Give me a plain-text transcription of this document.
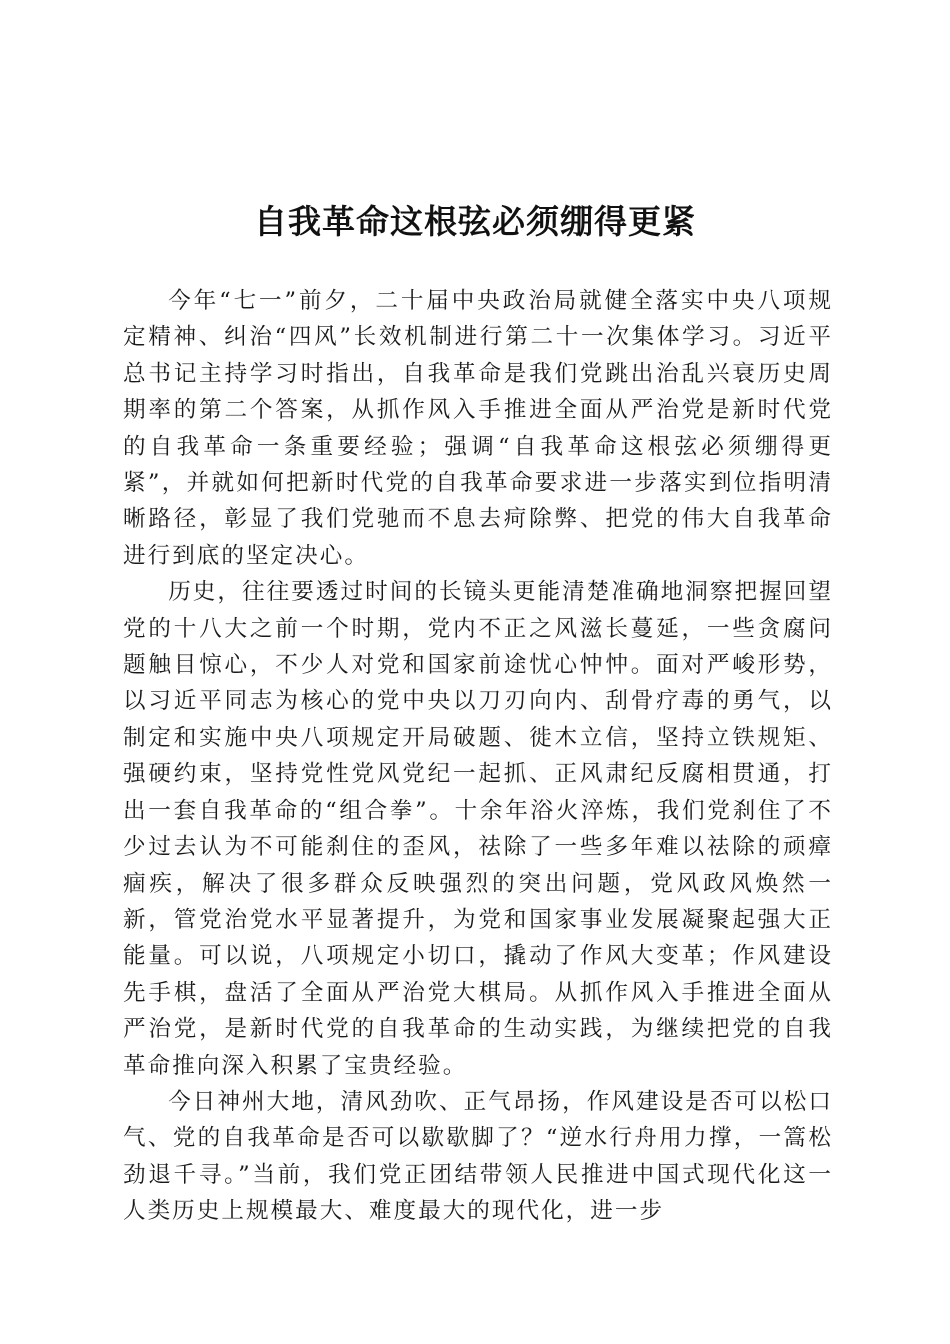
自我革命这根弦必须绷得更紧

今年“七一”前夕，二十届中央政治局就健全落实中央八项规定精神、纠治“四风”长效机制进行第二十一次集体学习。习近平总书记主持学习时指出，自我革命是我们党跳出治乱兴衰历史周期率的第二个答案，从抓作风入手推进全面从严治党是新时代党的自我革命一条重要经验；强调“自我革命这根弦必须绷得更紧”，并就如何把新时代党的自我革命要求进一步落实到位指明清晰路径，彰显了我们党驰而不息去疴除弊、把党的伟大自我革命进行到底的坚定决心。

历史，往往要透过时间的长镜头更能清楚准确地洞察把握回望党的十八大之前一个时期，党内不正之风滋长蔓延，一些贪腐问题触目惊心，不少人对党和国家前途忧心忡忡。面对严峻形势，以习近平同志为核心的党中央以刀刃向内、刮骨疗毒的勇气，以制定和实施中央八项规定开局破题、徙木立信，坚持立铁规矩、强硬约束，坚持党性党风党纪一起抓、正风肃纪反腐相贯通，打出一套自我革命的“组合拳”。十余年浴火淬炼，我们党刹住了不少过去认为不可能刹住的歪风，祛除了一些多年难以祛除的顽瘴痼疾，解决了很多群众反映强烈的突出问题，党风政风焕然一新，管党治党水平显著提升，为党和国家事业发展凝聚起强大正能量。可以说，八项规定小切口，撬动了作风大变革；作风建设先手棋，盘活了全面从严治党大棋局。从抓作风入手推进全面从严治党，是新时代党的自我革命的生动实践，为继续把党的自我革命推向深入积累了宝贵经验。

今日神州大地，清风劲吹、正气昂扬，作风建设是否可以松口气、党的自我革命是否可以歇歇脚了？“逆水行舟用力撑，一篙松劲退千寻。”当前，我们党正团结带领人民推进中国式现代化这一人类历史上规模最大、难度最大的现代化，进一步
